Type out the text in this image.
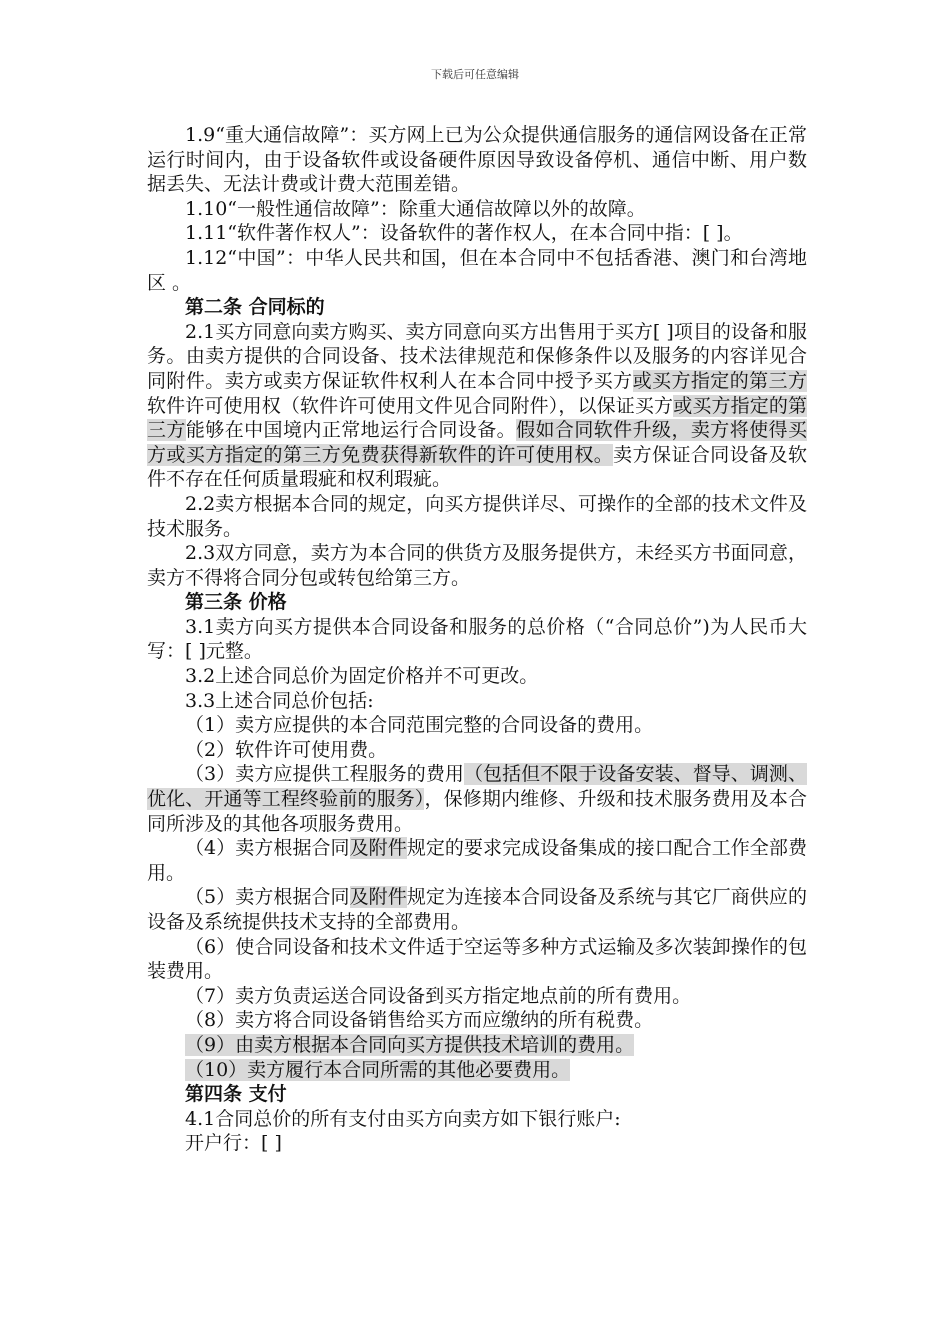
下载后可任意编辑

1.9“重大通信故障”：买方网上已为公众提供通信服务的通信网设备在正常运行时间内，由于设备软件或设备硬件原因导致设备停机、通信中断、用户数据丢失、无法计费或计费大范围差错。

1.10“一般性通信故障”：除重大通信故障以外的故障。

1.11“软件著作权人”：设备软件的著作权人，在本合同中指：[ ]。

1.12“中国”：中华人民共和国，但在本合同中不包括香港、澳门和台湾地区 。

第二条 合同标的

2.1买方同意向卖方购买、卖方同意向买方出售用于买方[ ]项目的设备和服务。由卖方提供的合同设备、技术法律规范和保修条件以及服务的内容详见合同附件。卖方或卖方保证软件权利人在本合同中授予买方或买方指定的第三方软件许可使用权（软件许可使用文件见合同附件），以保证买方或买方指定的第三方能够在中国境内正常地运行合同设备。假如合同软件升级，卖方将使得买方或买方指定的第三方免费获得新软件的许可使用权。卖方保证合同设备及软件不存在任何质量瑕疵和权利瑕疵。

2.2卖方根据本合同的规定，向买方提供详尽、可操作的全部的技术文件及技术服务。

2.3双方同意，卖方为本合同的供货方及服务提供方，未经买方书面同意，卖方不得将合同分包或转包给第三方。

第三条 价格

3.1卖方向买方提供本合同设备和服务的总价格（“合同总价”)为人民币大写：[ ]元整。

3.2上述合同总价为固定价格并不可更改。

3.3上述合同总价包括:

（1）卖方应提供的本合同范围完整的合同设备的费用。

（2）软件许可使用费。

（3）卖方应提供工程服务的费用（包括但不限于设备安装、督导、调测、优化、开通等工程终验前的服务），保修期内维修、升级和技术服务费用及本合同所涉及的其他各项服务费用。

（4）卖方根据合同及附件规定的要求完成设备集成的接口配合工作全部费用。

（5）卖方根据合同及附件规定为连接本合同设备及系统与其它厂商供应的设备及系统提供技术支持的全部费用。

（6）使合同设备和技术文件适于空运等多种方式运输及多次装卸操作的包装费用。

（7）卖方负责运送合同设备到买方指定地点前的所有费用。

（8）卖方将合同设备销售给买方而应缴纳的所有税费。

（9）由卖方根据本合同向买方提供技术培训的费用。

（10）卖方履行本合同所需的其他必要费用。

第四条 支付

4.1合同总价的所有支付由买方向卖方如下银行账户:

开户行：[ ]
